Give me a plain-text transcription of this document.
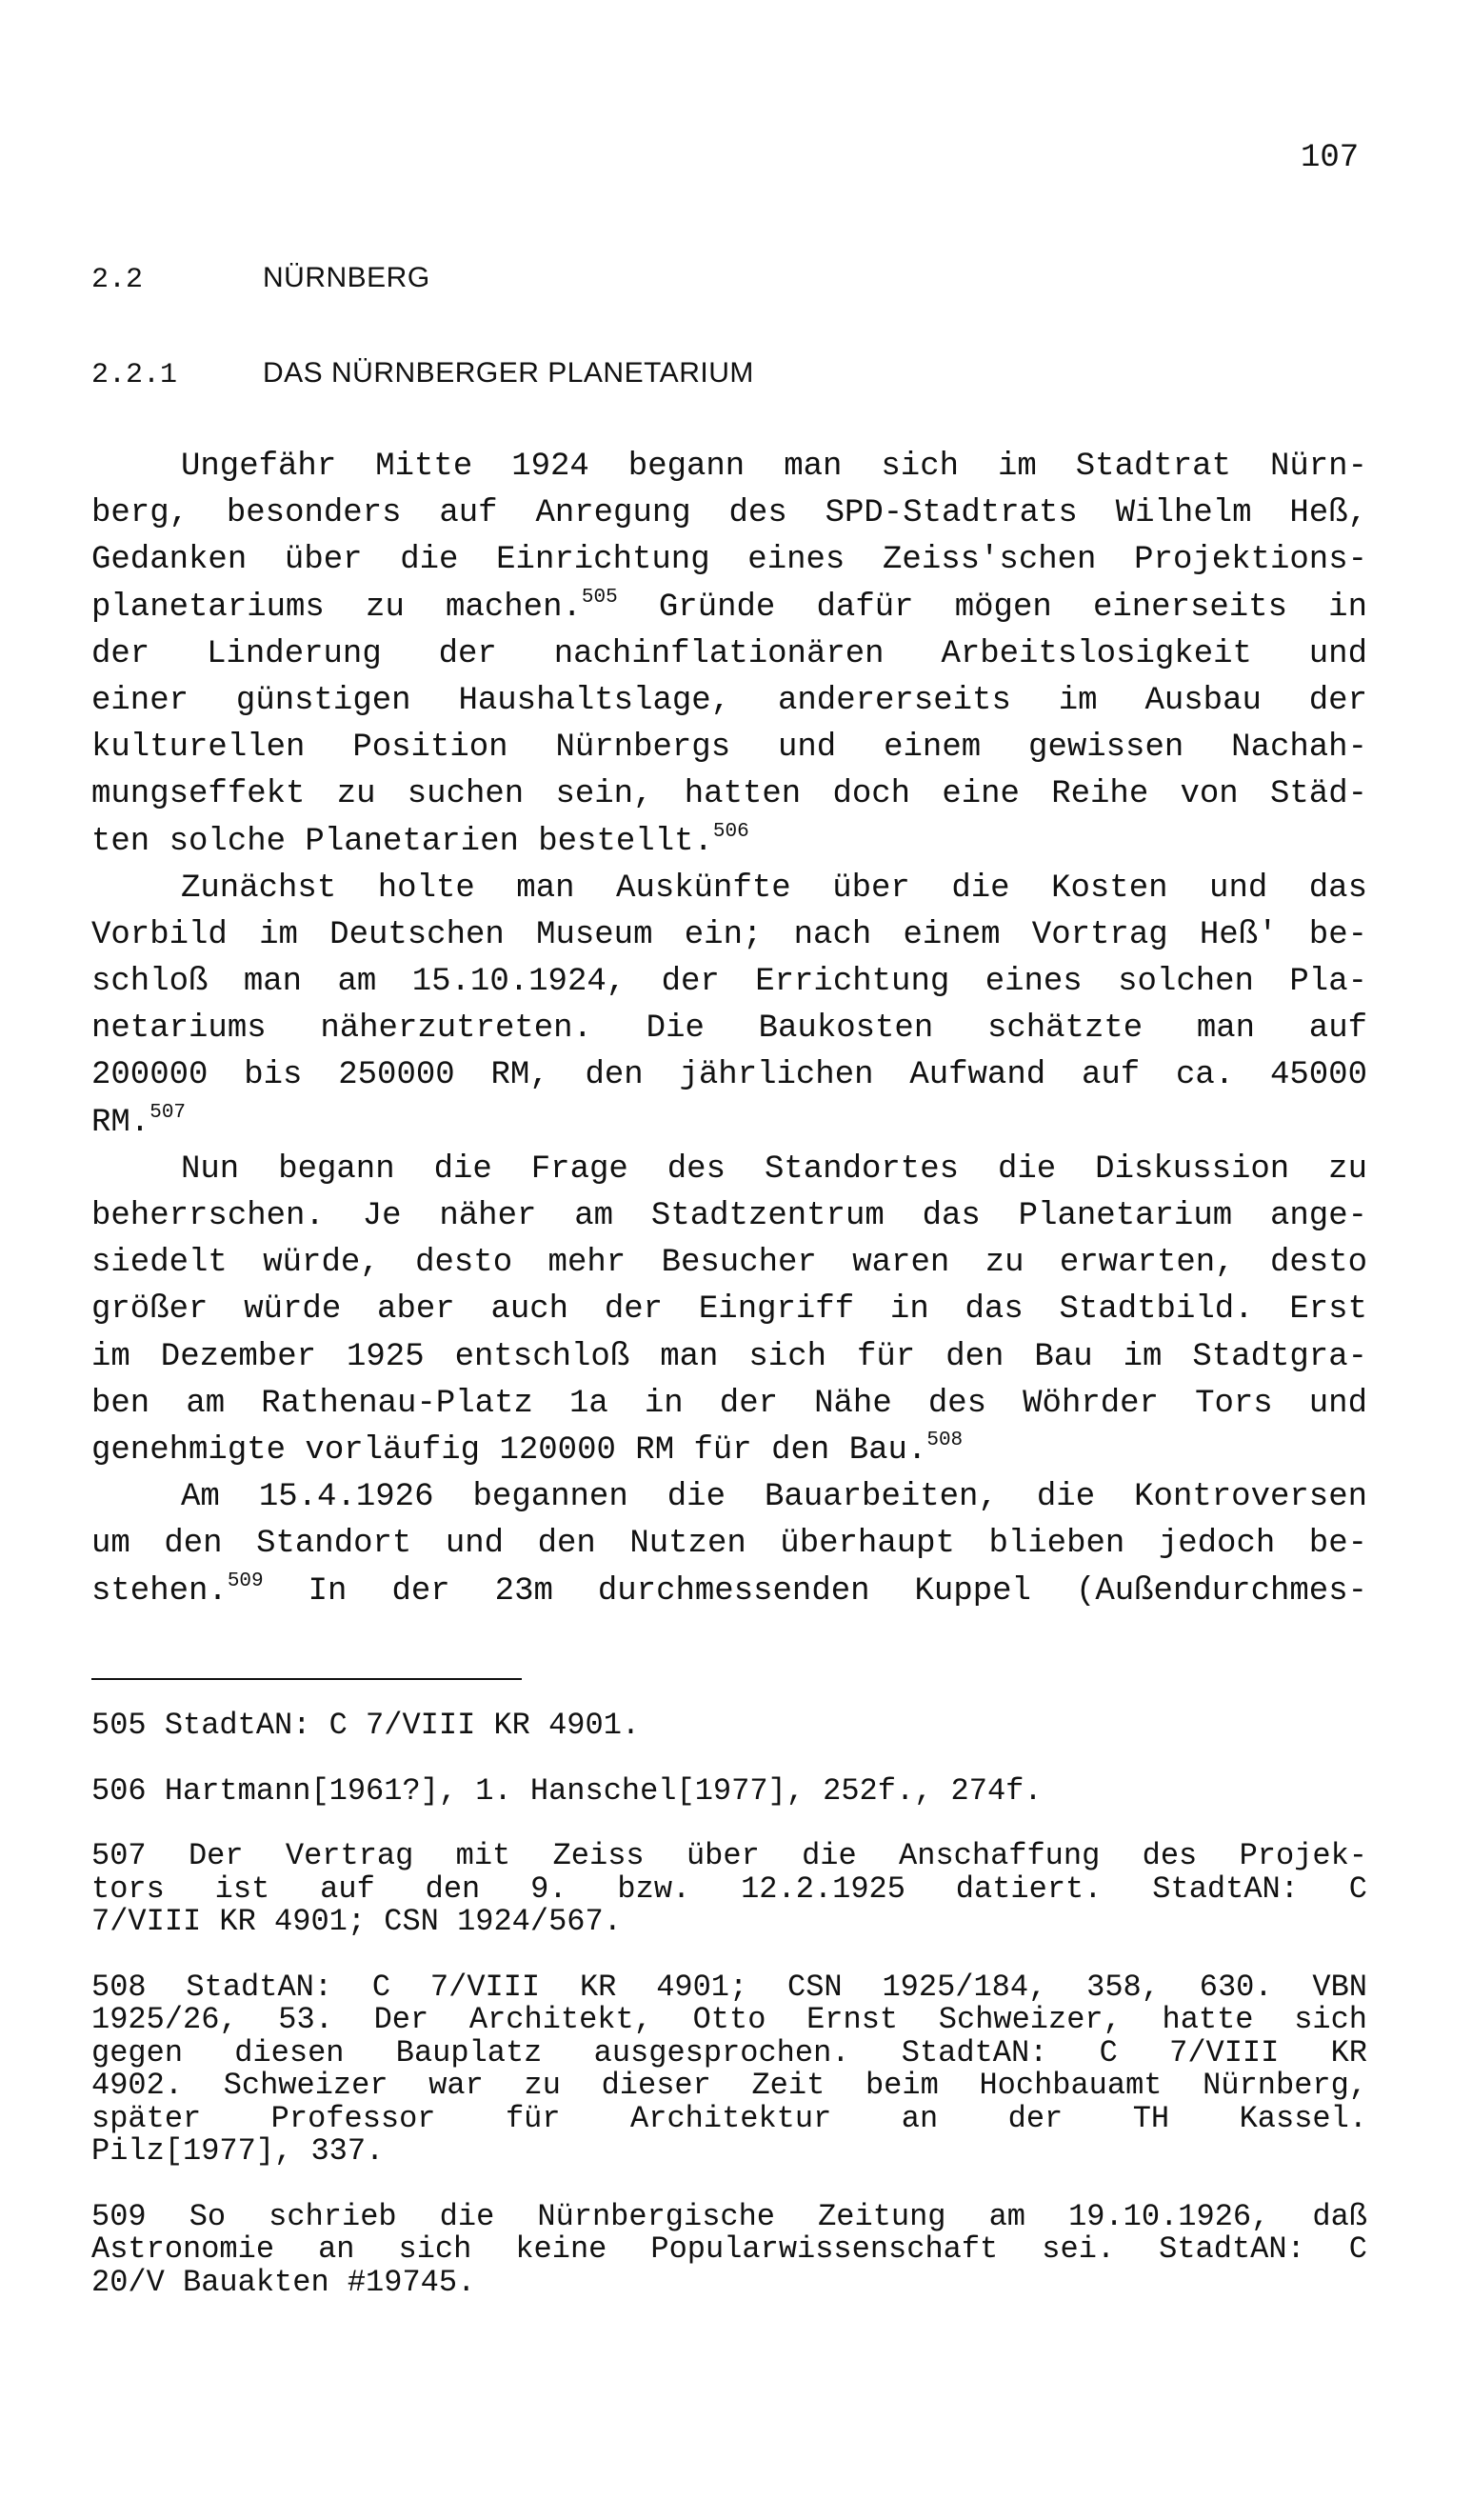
107
2.2	NÜRNBERG
2.2.1	DAS NÜRNBERGER PLANETARIUM
Ungefähr Mitte 1924 begann man sich im Stadtrat Nürn-
berg, besonders auf Anregung des SPD-Stadtrats Wilhelm Heß,
Gedanken über die Einrichtung eines Zeiss'schen Projektions-
planetariums zu machen.$^{505}$ Gründe dafür mögen einerseits in
der Linderung der nachinflationären Arbeitslosigkeit und
einer günstigen Haushaltslage, andererseits im Ausbau der
kulturellen Position Nürnbergs und einem gewissen Nachah-
mungseffekt zu suchen sein, hatten doch eine Reihe von Städ-
ten solche Planetarien bestellt.$^{506}$
Zunächst holte man Auskünfte über die Kosten und das
Vorbild im Deutschen Museum ein; nach einem Vortrag Heß' be-
schloß man am 15.10.1924, der Errichtung eines solchen Pla-
netariums näherzutreten. Die Baukosten schätzte man auf
200000 bis 250000 RM, den jährlichen Aufwand auf ca. 45000
RM.$^{507}$
Nun begann die Frage des Standortes die Diskussion zu
beherrschen. Je näher am Stadtzentrum das Planetarium ange-
siedelt würde, desto mehr Besucher waren zu erwarten, desto
größer würde aber auch der Eingriff in das Stadtbild. Erst
im Dezember 1925 entschloß man sich für den Bau im Stadtgra-
ben am Rathenau-Platz 1a in der Nähe des Wöhrder Tors und
genehmigte vorläufig 120000 RM für den Bau.$^{508}$
Am 15.4.1926 begannen die Bauarbeiten, die Kontroversen
um den Standort und den Nutzen überhaupt blieben jedoch be-
stehen.$^{509}$ In der 23m durchmessenden Kuppel (Außendurchmes-
505 StadtAN: C 7/VIII KR 4901.
506 Hartmann[1961?], 1. Hanschel[1977], 252f., 274f.
507 Der Vertrag mit Zeiss über die Anschaffung des Projek-
tors ist auf den 9. bzw. 12.2.1925 datiert. StadtAN: C
7/VIII KR 4901; CSN 1924/567.
508 StadtAN: C 7/VIII KR 4901; CSN 1925/184, 358, 630. VBN
1925/26, 53. Der Architekt, Otto Ernst Schweizer, hatte sich
gegen diesen Bauplatz ausgesprochen. StadtAN: C 7/VIII KR
4902. Schweizer war zu dieser Zeit beim Hochbauamt Nürnberg,
später Professor für Architektur an der TH Kassel.
Pilz[1977], 337.
509 So schrieb die Nürnbergische Zeitung am 19.10.1926, daß
Astronomie an sich keine Popularwissenschaft sei. StadtAN: C
20/V Bauakten #19745.
